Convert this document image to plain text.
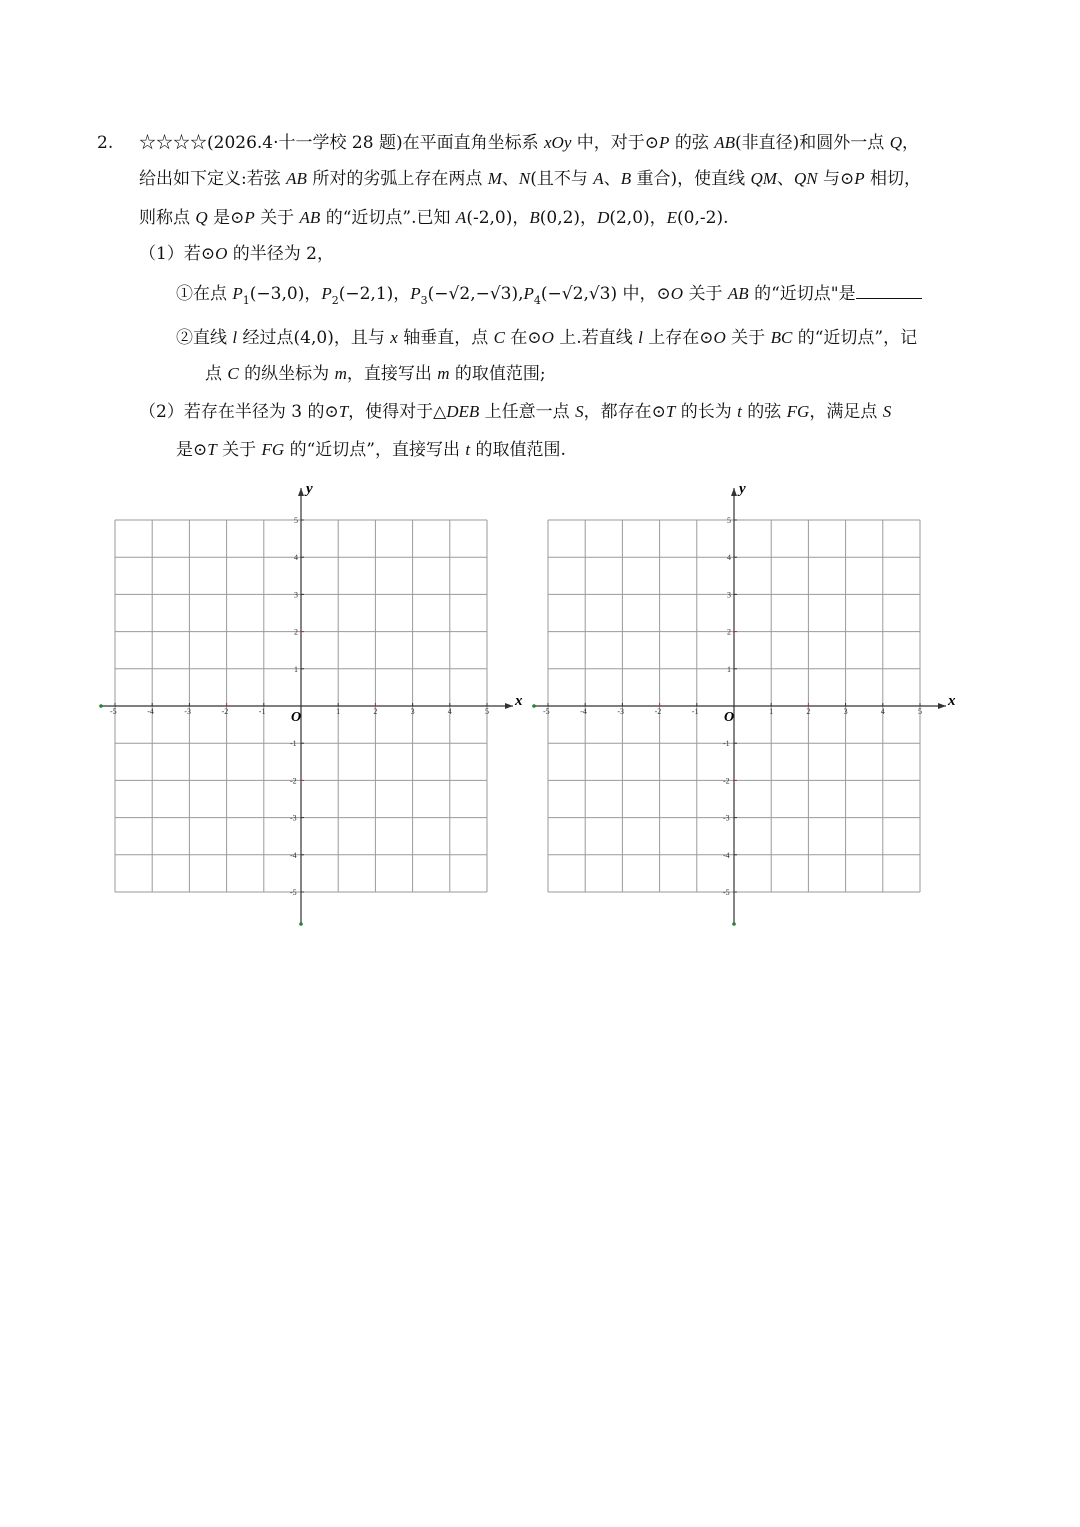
2. ☆☆☆☆(2026.4·十一学校 28 题)在平面直角坐标系 xOy 中，对于⊙P 的弦 AB(非直径)和圆外一点 Q，
给出如下定义:若弦 AB 所对的劣弧上存在两点 M、N(且不与 A、B 重合)，使直线 QM、QN 与⊙P 相切，
则称点 Q 是⊙P 关于 AB 的“近切点”.已知 A(-2,0)，B(0,2)，D(2,0)，E(0,-2).
（1）若⊙O 的半径为 2，
①在点 $P_1(-3,0)$，$P_2(-2,1)$，$P_3(-√2,-√3),P_4(-√2,√3)$ 中，⊙O 关于 AB 的“近切点"是
②直线 l 经过点(4,0)，且与 x 轴垂直，点 C 在⊙O 上.若直线 l 上存在⊙O 关于 BC 的“近切点”，记
点 C 的纵坐标为 m，直接写出 m 的取值范围;
（2）若存在半径为 3 的⊙T，使得对于△DEB 上任意一点 S，都存在⊙T 的长为 t 的弦 FG，满足点 S
是⊙T 关于 FG 的“近切点”，直接写出 t 的取值范围.
x
y
O
-5	-4	-3	-2	-1	1	2	3	4	5
5
4
3
2
1
-1
-2
-3
-4
-5
x
y
O
-5	-4	-3	-2	-1	1	2	3	4	5
5
4
3
2
1
-1
-2
-3
-4
-5
